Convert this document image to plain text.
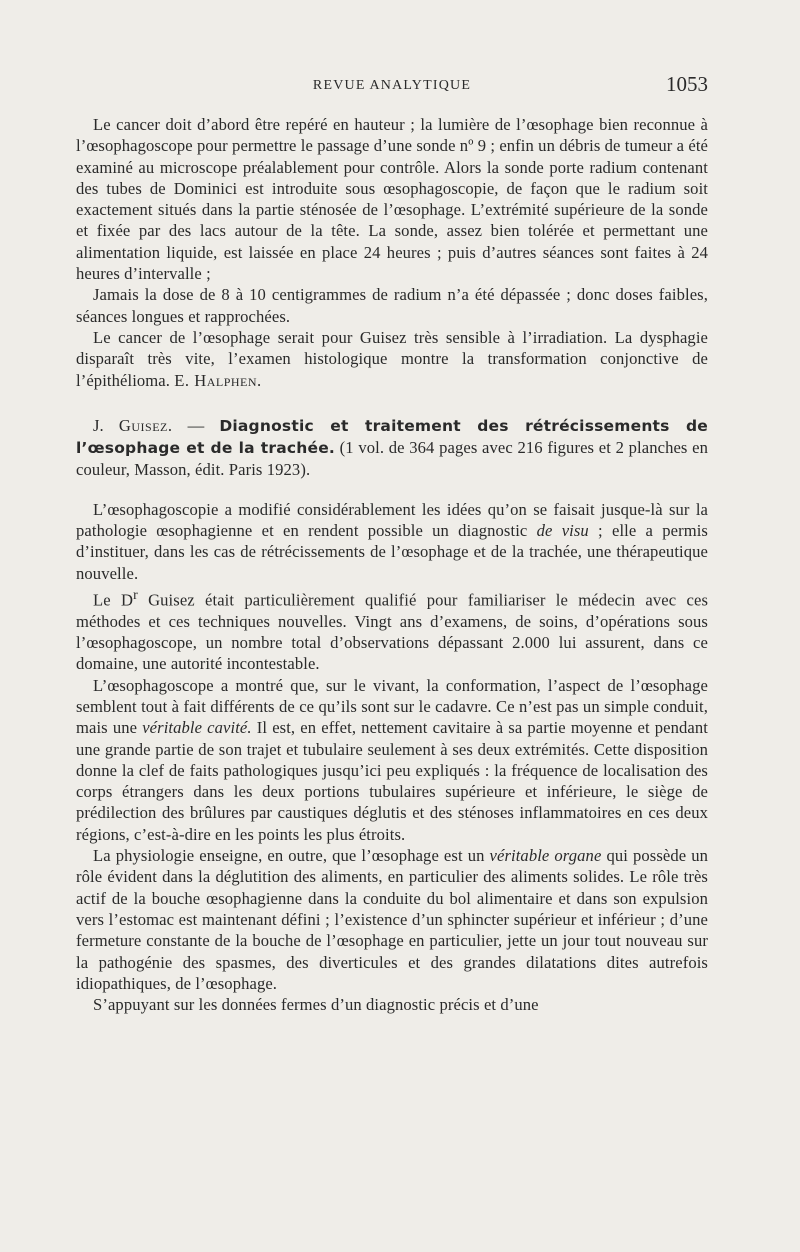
REVUE ANALYTIQUE	1053

Le cancer doit d’abord être repéré en hauteur ; la lumière de l’œsophage bien reconnue à l’œsophagoscope pour permettre le passage d’une sonde nº 9 ; enfin un débris de tumeur a été examiné au microscope préalablement pour contrôle. Alors la sonde porte radium contenant des tubes de Dominici est introduite sous œsophagoscopie, de façon que le radium soit exactement situés dans la partie sténosée de l’œsophage. L’extrémité supérieure de la sonde et fixée par des lacs autour de la tête. La sonde, assez bien tolérée et permettant une alimentation liquide, est laissée en place 24 heures ; puis d’autres séances sont faites à 24 heures d’intervalle ;

Jamais la dose de 8 à 10 centigrammes de radium n’a été dépassée ; donc doses faibles, séances longues et rapprochées.

Le cancer de l’œsophage serait pour Guisez très sensible à l’irradiation. La dysphagie disparaît très vite, l’examen histologique montre la transformation conjonctive de l’épithélioma. E. Halphen.

J. Guisez. — Diagnostic et traitement des rétrécissements de l’œsophage et de la trachée. (1 vol. de 364 pages avec 216 figures et 2 planches en couleur, Masson, édit. Paris 1923).

L’œsophagoscopie a modifié considérablement les idées qu’on se faisait jusque-là sur la pathologie œsophagienne et en rendent possible un diagnostic de visu ; elle a permis d’instituer, dans les cas de rétrécissements de l’œsophage et de la trachée, une thérapeutique nouvelle.

Le $D^r$ Guisez était particulièrement qualifié pour familiariser le médecin avec ces méthodes et ces techniques nouvelles. Vingt ans d’examens, de soins, d’opérations sous l’œsophagoscope, un nombre total d’observations dépassant 2.000 lui assurent, dans ce domaine, une autorité incontestable.

L’œsophagoscope a montré que, sur le vivant, la conformation, l’aspect de l’œsophage semblent tout à fait différents de ce qu’ils sont sur le cadavre. Ce n’est pas un simple conduit, mais une véritable cavité. Il est, en effet, nettement cavitaire à sa partie moyenne et pendant une grande partie de son trajet et tubulaire seulement à ses deux extrémités. Cette disposition donne la clef de faits pathologiques jusqu’ici peu expliqués : la fréquence de localisation des corps étrangers dans les deux portions tubulaires supérieure et inférieure, le siège de prédilection des brûlures par caustiques déglutis et des sténoses inflammatoires en ces deux régions, c’est-à-dire en les points les plus étroits.

La physiologie enseigne, en outre, que l’œsophage est un véritable organe qui possède un rôle évident dans la déglutition des aliments, en particulier des aliments solides. Le rôle très actif de la bouche œsophagienne dans la conduite du bol alimentaire et dans son expulsion vers l’estomac est maintenant défini ; l’existence d’un sphincter supérieur et inférieur ; d’une fermeture constante de la bouche de l’œsophage en particulier, jette un jour tout nouveau sur la pathogénie des spasmes, des diverticules et des grandes dilatations dites autrefois idiopathiques, de l’œsophage.

S’appuyant sur les données fermes d’un diagnostic précis et d’une
